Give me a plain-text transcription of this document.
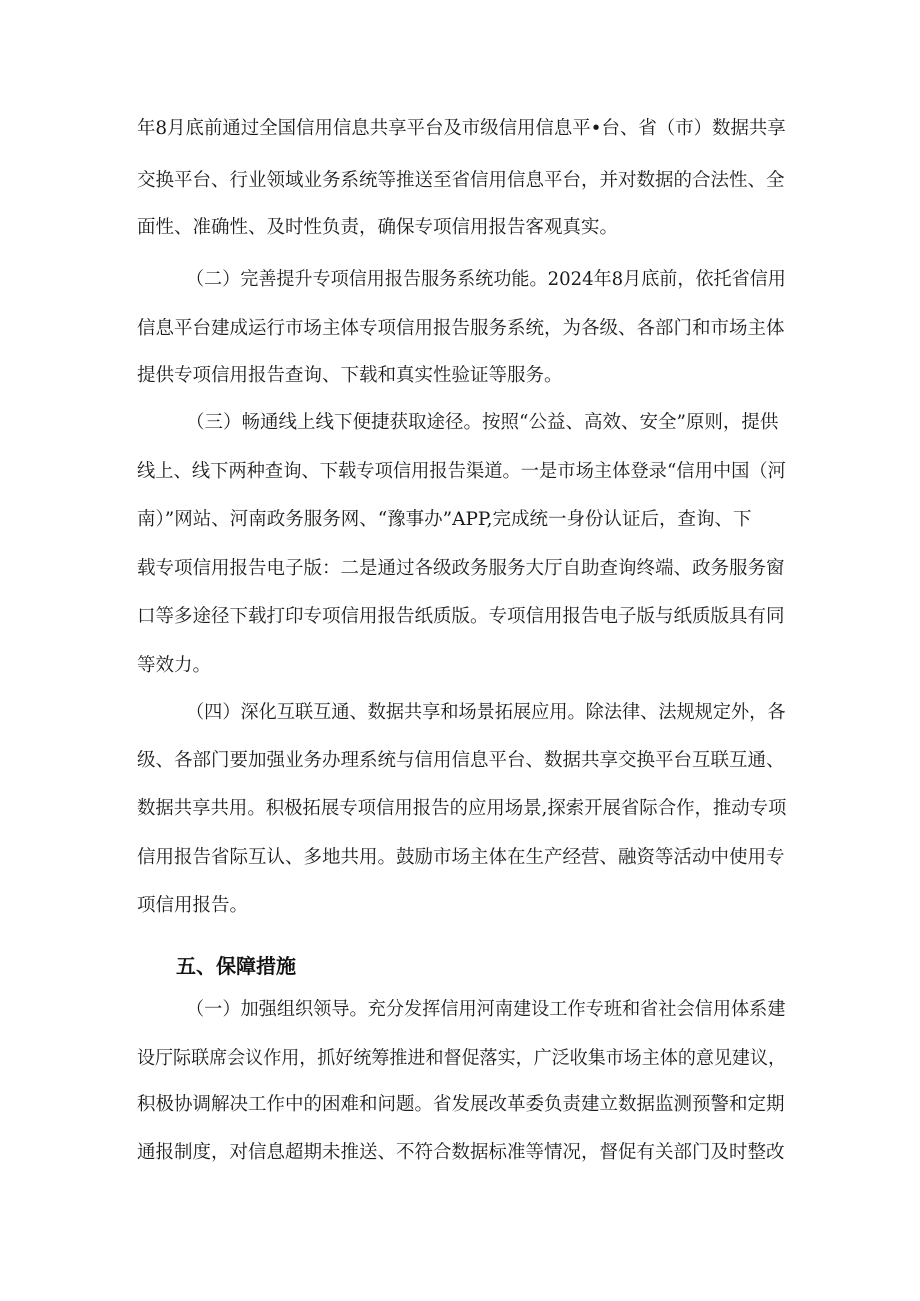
年8月底前通过全国信用信息共享平台及市级信用信息平•台、省（市）数据共享
交换平台、行业领域业务系统等推送至省信用信息平台，并对数据的合法性、全
面性、准确性、及时性负责，确保专项信用报告客观真实。
（二）完善提升专项信用报告服务系统功能。2024年8月底前，依托省信用
信息平台建成运行市场主体专项信用报告服务系统，为各级、各部门和市场主体
提供专项信用报告查询、下载和真实性验证等服务。
（三）畅通线上线下便捷获取途径。按照“公益、高效、安全”原则，提供
线上、线下两种查询、下载专项信用报告渠道。一是市场主体登录“信用中国（河
南）”网站、河南政务服务网、“豫事办”APP,完成统一身份认证后，查询、下
载专项信用报告电子版：二是通过各级政务服务大厅自助查询终端、政务服务窗
口等多途径下载打印专项信用报告纸质版。专项信用报告电子版与纸质版具有同
等效力。
（四）深化互联互通、数据共享和场景拓展应用。除法律、法规规定外，各
级、各部门要加强业务办理系统与信用信息平台、数据共享交换平台互联互通、
数据共享共用。积极拓展专项信用报告的应用场景,探索开展省际合作，推动专项
信用报告省际互认、多地共用。鼓励市场主体在生产经营、融资等活动中使用专
项信用报告。
五、保障措施
（一）加强组织领导。充分发挥信用河南建设工作专班和省社会信用体系建
设厅际联席会议作用，抓好统筹推进和督促落实，广泛收集市场主体的意见建议，
积极协调解决工作中的困难和问题。省发展改革委负责建立数据监测预警和定期
通报制度，对信息超期未推送、不符合数据标准等情况，督促有关部门及时整改
